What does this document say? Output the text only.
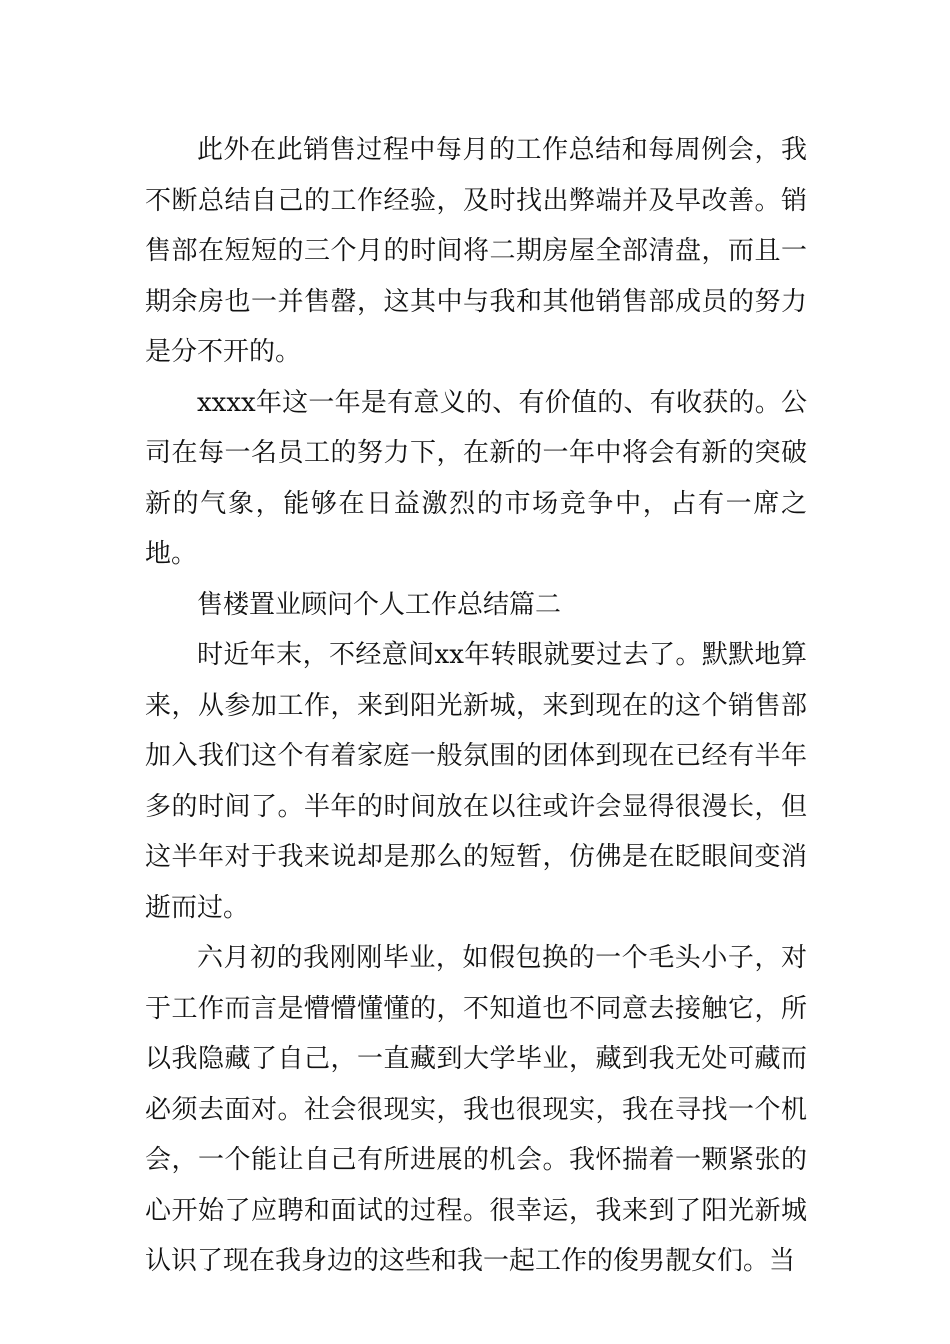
此外在此销售过程中每月的工作总结和每周例会，我不断总结自己的工作经验，及时找出弊端并及早改善。销售部在短短的三个月的时间将二期房屋全部清盘，而且一期余房也一并售罄，这其中与我和其他销售部成员的努力是分不开的。

xxxx年这一年是有意义的、有价值的、有收获的。公司在每一名员工的努力下，在新的一年中将会有新的突破新的气象，能够在日益激烈的市场竞争中，占有一席之地。

售楼置业顾问个人工作总结篇二

时近年末，不经意间xx年转眼就要过去了。默默地算来，从参加工作，来到阳光新城，来到现在的这个销售部加入我们这个有着家庭一般氛围的团体到现在已经有半年多的时间了。半年的时间放在以往或许会显得很漫长，但这半年对于我来说却是那么的短暂，仿佛是在眨眼间变消逝而过。

六月初的我刚刚毕业，如假包换的一个毛头小子，对于工作而言是懵懵懂懂的，不知道也不同意去接触它，所以我隐藏了自己，一直藏到大学毕业，藏到我无处可藏而必须去面对。社会很现实，我也很现实，我在寻找一个机会，一个能让自己有所进展的机会。我怀揣着一颗紧张的心开始了应聘和面试的过程。很幸运，我来到了阳光新城认识了现在我身边的这些和我一起工作的俊男靓女们。当
